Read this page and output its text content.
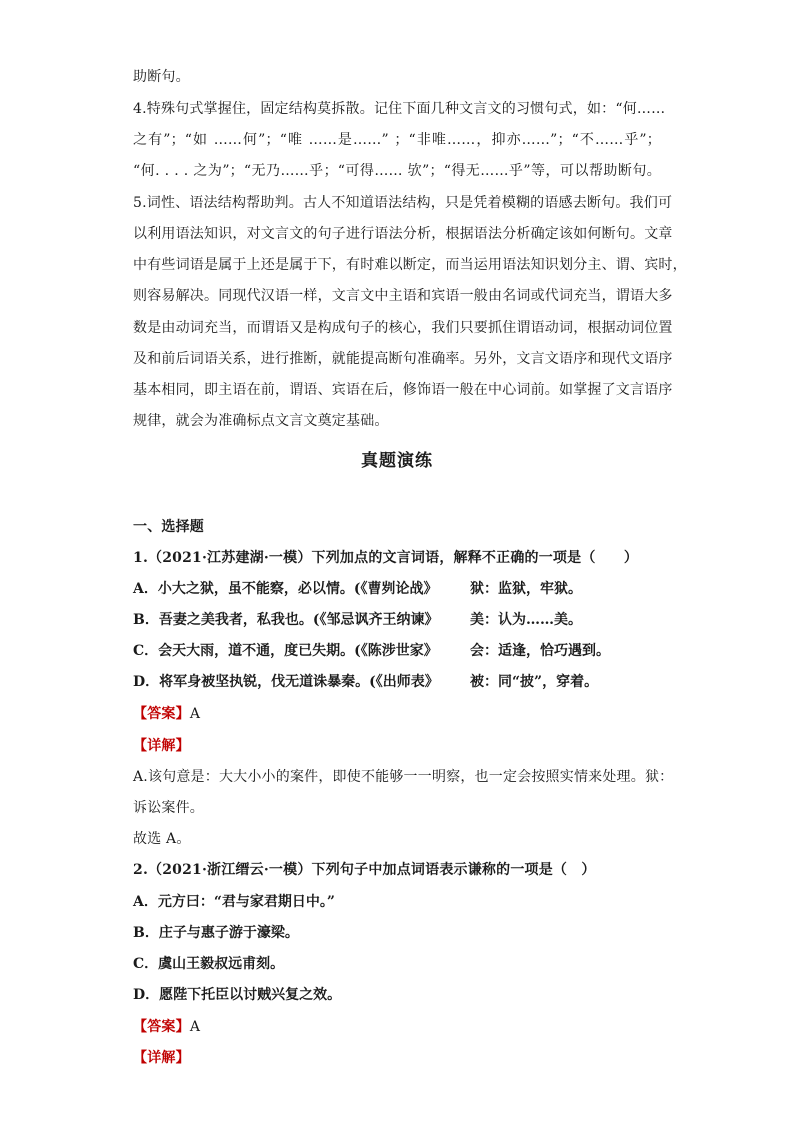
助断句。
4.特殊句式掌握住，固定结构莫拆散。记住下面几种文言文的习惯句式，如：“何……
之有”；“如 ……何”；“唯 ……是……” ；“非唯……，抑亦……”；“不……乎”；
“何. . . . 之为”；“无乃……乎；“可得…… 欤”；“得无……乎”等，可以帮助断句。
5.词性、语法结构帮助判。古人不知道语法结构，只是凭着模糊的语感去断句。我们可
以利用语法知识，对文言文的句子进行语法分析，根据语法分析确定该如何断句。文章
中有些词语是属于上还是属于下，有时难以断定，而当运用语法知识划分主、谓、宾时，
则容易解决。同现代汉语一样，文言文中主语和宾语一般由名词或代词充当，谓语大多
数是由动词充当，而谓语又是构成句子的核心，我们只要抓住谓语动词，根据动词位置
及和前后词语关系，进行推断，就能提高断句准确率。另外，文言文语序和现代文语序
基本相同，即主语在前，谓语、宾语在后，修饰语一般在中心词前。如掌握了文言语序
规律，就会为准确标点文言文奠定基础。
真题演练
一、选择题
1.（2021·江苏建湖·一模）下列加点的文言词语，解释不正确的一项是（　　）
A．小大之狱，虽不能察，必以情。(《曹刿论战》 狱：监狱，牢狱。
B．吾妻之美我者，私我也。(《邹忌讽齐王纳谏》 美：认为……美。
C．会天大雨，道不通，度已失期。(《陈涉世家》 会：适逢，恰巧遇到。
D．将军身被坚执锐，伐无道诛暴秦。(《出师表》 被：同“披”，穿着。
【答案】A
【详解】
A.该句意是：大大小小的案件，即使不能够一一明察，也一定会按照实情来处理。狱：
诉讼案件。
故选 A。
2.（2021·浙江缙云·一模）下列句子中加点词语表示谦称的一项是（　）
A．元方曰：“君与家君期日中。”
B．庄子与惠子游于濠梁。
C．虞山王毅叔远甫刻。
D．愿陛下托臣以讨贼兴复之效。
【答案】A
【详解】
